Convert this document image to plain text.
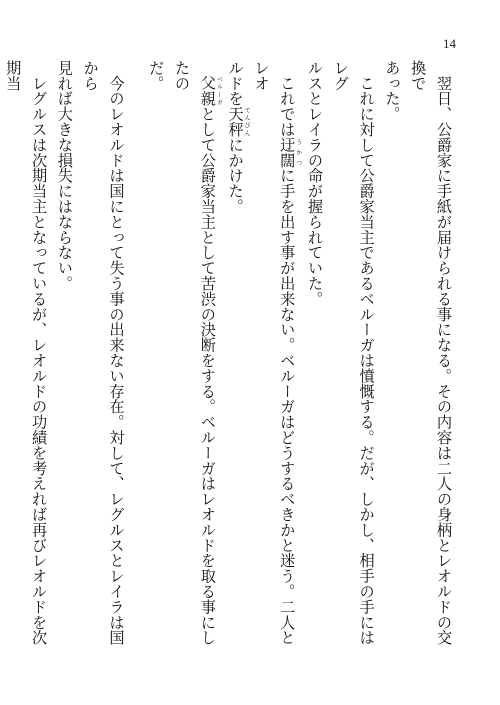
14

　翌日、公爵家に手紙が届けられる事になる。その内容は二人の身柄とレオルドの交換で
あった。

　これに対して公爵家当主であるベルーガは憤慨する。だが、しかし、相手の手にはレグ
ルスとレイラの命が握られていた。

　これでは迂闊うかつに手を出す事が出来ない。ベルーガはどうするべきかと迷う。二人とレオ
ルドを天秤てんびんにかけた。

　父親ベルーガとして公爵家当主として苦渋の決断をする。ベルーガはレオルドを取る事にしたの
だ。

　今のレオルドは国にとって失う事の出来ない存在。対して、レグルスとレイラは国から
見れば大きな損失にはならない。

　レグルスは次期当主となっているが、レオルドの功績を考えれば再びレオルドを次期当
